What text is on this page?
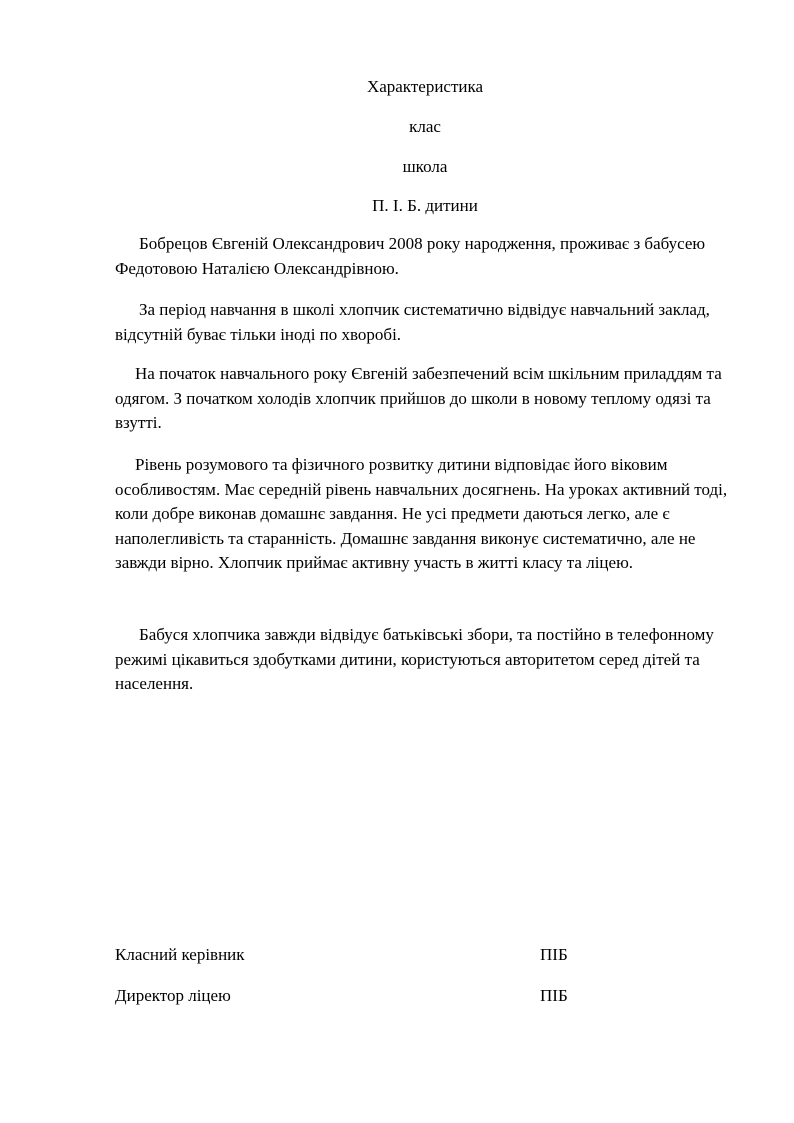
Характеристика
клас
школа
П. І. Б. дитини

Бобрецов Євгеній Олександрович 2008 року народження, проживає з бабусею Федотовою Наталією Олександрівною.

За період навчання в школі хлопчик систематично відвідує навчальний заклад, відсутній буває тільки іноді по хворобі.

На початок навчального року Євгеній забезпечений всім шкільним приладдям та одягом. З початком холодів хлопчик прийшов до школи в новому теплому одязі та взутті.

Рівень розумового та фізичного розвитку дитини відповідає його віковим особливостям. Має середній рівень навчальних досягнень. На уроках активний тоді, коли добре виконав домашнє завдання. Не усі предмети даються легко, але є наполегливість та старанність. Домашнє завдання виконує систематично, але не завжди вірно. Хлопчик приймає активну участь в житті класу та ліцею.

Бабуся хлопчика завжди відвідує батьківські збори, та постійно в телефонному режимі цікавиться здобутками дитини, користуються авторитетом серед дітей та населення.

Класний керівник	ПІБ
Директор ліцею	ПІБ
